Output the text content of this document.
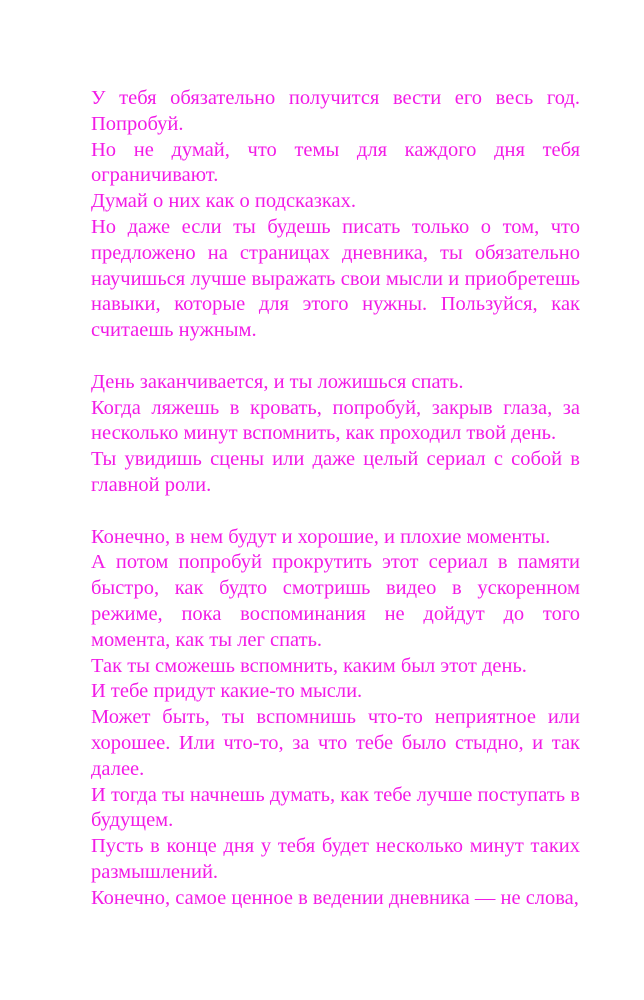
У тебя обязательно получится вести его весь год. Попробуй.

Но не думай, что темы для каждого дня тебя ограничивают.

Думай о них как о подсказках.

Но даже если ты будешь писать только о том, что предложено на страницах дневника, ты обязательно научишься лучше выражать свои мысли и приобретешь навыки, которые для этого нужны. Пользуйся, как считаешь нужным.

День заканчивается, и ты ложишься спать.

Когда ляжешь в кровать, попробуй, закрыв глаза, за несколько минут вспомнить, как проходил твой день.

Ты увидишь сцены или даже целый сериал с собой в главной роли.

Конечно, в нем будут и хорошие, и плохие моменты.

А потом попробуй прокрутить этот сериал в памяти быстро, как будто смотришь видео в ускоренном режиме, пока воспоминания не дойдут до того момента, как ты лег спать.

Так ты сможешь вспомнить, каким был этот день.

И тебе придут какие-то мысли.

Может быть, ты вспомнишь что-то неприятное или хорошее. Или что-то, за что тебе было стыдно, и так далее.

И тогда ты начнешь думать, как тебе лучше поступать в будущем.

Пусть в конце дня у тебя будет несколько минут таких размышлений.

Конечно, самое ценное в ведении дневника — не слова,
